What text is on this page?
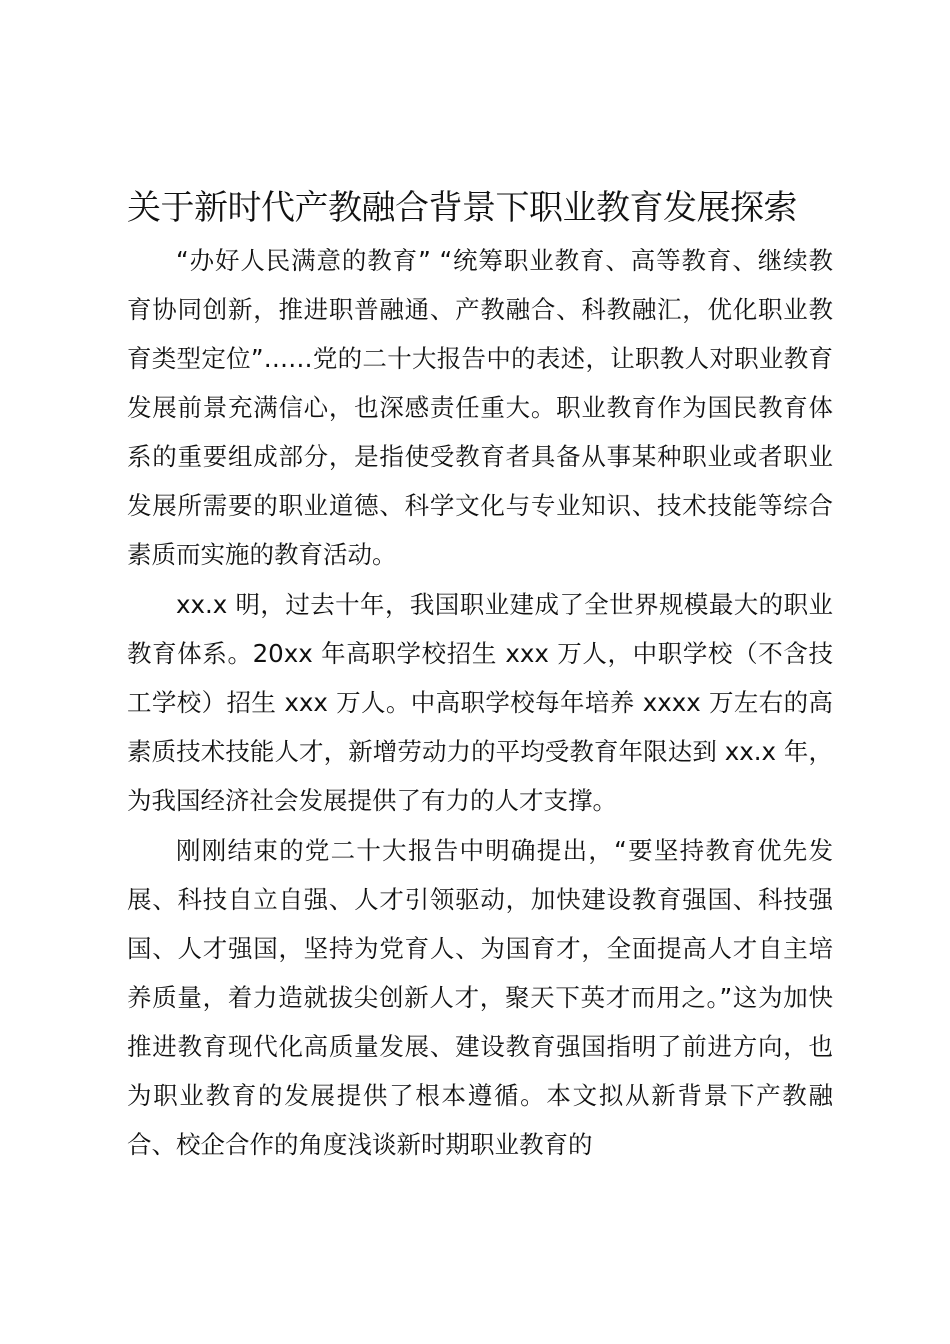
关于新时代产教融合背景下职业教育发展探索

“办好人民满意的教育” “统筹职业教育、高等教育、继续教育协同创新，推进职普融通、产教融合、科教融汇，优化职业教育类型定位”……党的二十大报告中的表述，让职教人对职业教育发展前景充满信心，也深感责任重大。职业教育作为国民教育体系的重要组成部分，是指使受教育者具备从事某种职业或者职业发展所需要的职业道德、科学文化与专业知识、技术技能等综合素质而实施的教育活动。

xx.x 明，过去十年，我国职业建成了全世界规模最大的职业教育体系。20xx 年高职学校招生 xxx 万人，中职学校（不含技工学校）招生 xxx 万人。中高职学校每年培养 xxxx 万左右的高素质技术技能人才，新增劳动力的平均受教育年限达到 xx.x 年，为我国经济社会发展提供了有力的人才支撑。

刚刚结束的党二十大报告中明确提出，“要坚持教育优先发展、科技自立自强、人才引领驱动，加快建设教育强国、科技强国、人才强国，坚持为党育人、为国育才，全面提高人才自主培养质量，着力造就拔尖创新人才，聚天下英才而用之。”这为加快推进教育现代化高质量发展、建设教育强国指明了前进方向，也为职业教育的发展提供了根本遵循。本文拟从新背景下产教融合、校企合作的角度浅谈新时期职业教育的
